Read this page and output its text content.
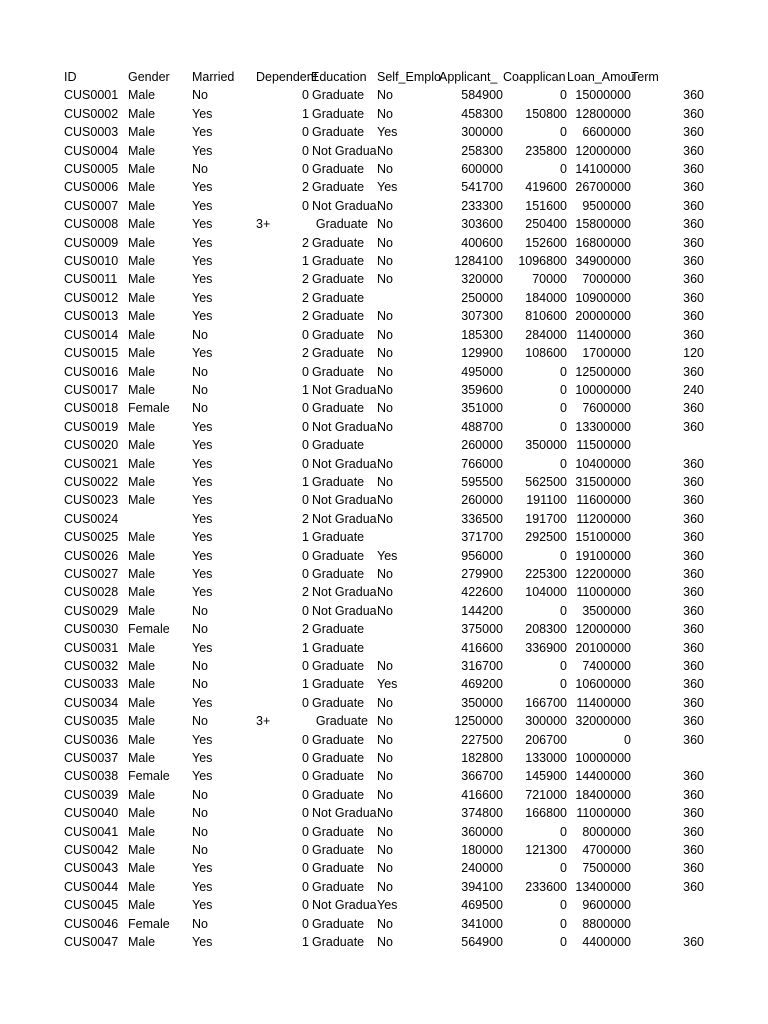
ID	Gender	Married	Dependent	Education	Self_Emplo	Applicant_	Coapplican	Loan_Amou	Term
CUS0001	Male	No	0	Graduate	No	584900	0	15000000	360
CUS0002	Male	Yes	1	Graduate	No	458300	150800	12800000	360
CUS0003	Male	Yes	0	Graduate	Yes	300000	0	6600000	360
CUS0004	Male	Yes	0	Not Gradua	No	258300	235800	12000000	360
CUS0005	Male	No	0	Graduate	No	600000	0	14100000	360
CUS0006	Male	Yes	2	Graduate	Yes	541700	419600	26700000	360
CUS0007	Male	Yes	0	Not Gradua	No	233300	151600	9500000	360
CUS0008	Male	Yes	3+	Graduate	No	303600	250400	15800000	360
CUS0009	Male	Yes	2	Graduate	No	400600	152600	16800000	360
CUS0010	Male	Yes	1	Graduate	No	1284100	1096800	34900000	360
CUS0011	Male	Yes	2	Graduate	No	320000	70000	7000000	360
CUS0012	Male	Yes	2	Graduate		250000	184000	10900000	360
CUS0013	Male	Yes	2	Graduate	No	307300	810600	20000000	360
CUS0014	Male	No	0	Graduate	No	185300	284000	11400000	360
CUS0015	Male	Yes	2	Graduate	No	129900	108600	1700000	120
CUS0016	Male	No	0	Graduate	No	495000	0	12500000	360
CUS0017	Male	No	1	Not Gradua	No	359600	0	10000000	240
CUS0018	Female	No	0	Graduate	No	351000	0	7600000	360
CUS0019	Male	Yes	0	Not Gradua	No	488700	0	13300000	360
CUS0020	Male	Yes	0	Graduate		260000	350000	11500000	
CUS0021	Male	Yes	0	Not Gradua	No	766000	0	10400000	360
CUS0022	Male	Yes	1	Graduate	No	595500	562500	31500000	360
CUS0023	Male	Yes	0	Not Gradua	No	260000	191100	11600000	360
CUS0024		Yes	2	Not Gradua	No	336500	191700	11200000	360
CUS0025	Male	Yes	1	Graduate		371700	292500	15100000	360
CUS0026	Male	Yes	0	Graduate	Yes	956000	0	19100000	360
CUS0027	Male	Yes	0	Graduate	No	279900	225300	12200000	360
CUS0028	Male	Yes	2	Not Gradua	No	422600	104000	11000000	360
CUS0029	Male	No	0	Not Gradua	No	144200	0	3500000	360
CUS0030	Female	No	2	Graduate		375000	208300	12000000	360
CUS0031	Male	Yes	1	Graduate		416600	336900	20100000	360
CUS0032	Male	No	0	Graduate	No	316700	0	7400000	360
CUS0033	Male	No	1	Graduate	Yes	469200	0	10600000	360
CUS0034	Male	Yes	0	Graduate	No	350000	166700	11400000	360
CUS0035	Male	No	3+	Graduate	No	1250000	300000	32000000	360
CUS0036	Male	Yes	0	Graduate	No	227500	206700	0	360
CUS0037	Male	Yes	0	Graduate	No	182800	133000	10000000	
CUS0038	Female	Yes	0	Graduate	No	366700	145900	14400000	360
CUS0039	Male	No	0	Graduate	No	416600	721000	18400000	360
CUS0040	Male	No	0	Not Gradua	No	374800	166800	11000000	360
CUS0041	Male	No	0	Graduate	No	360000	0	8000000	360
CUS0042	Male	No	0	Graduate	No	180000	121300	4700000	360
CUS0043	Male	Yes	0	Graduate	No	240000	0	7500000	360
CUS0044	Male	Yes	0	Graduate	No	394100	233600	13400000	360
CUS0045	Male	Yes	0	Not Gradua	Yes	469500	0	9600000	
CUS0046	Female	No	0	Graduate	No	341000	0	8800000	
CUS0047	Male	Yes	1	Graduate	No	564900	0	4400000	360
